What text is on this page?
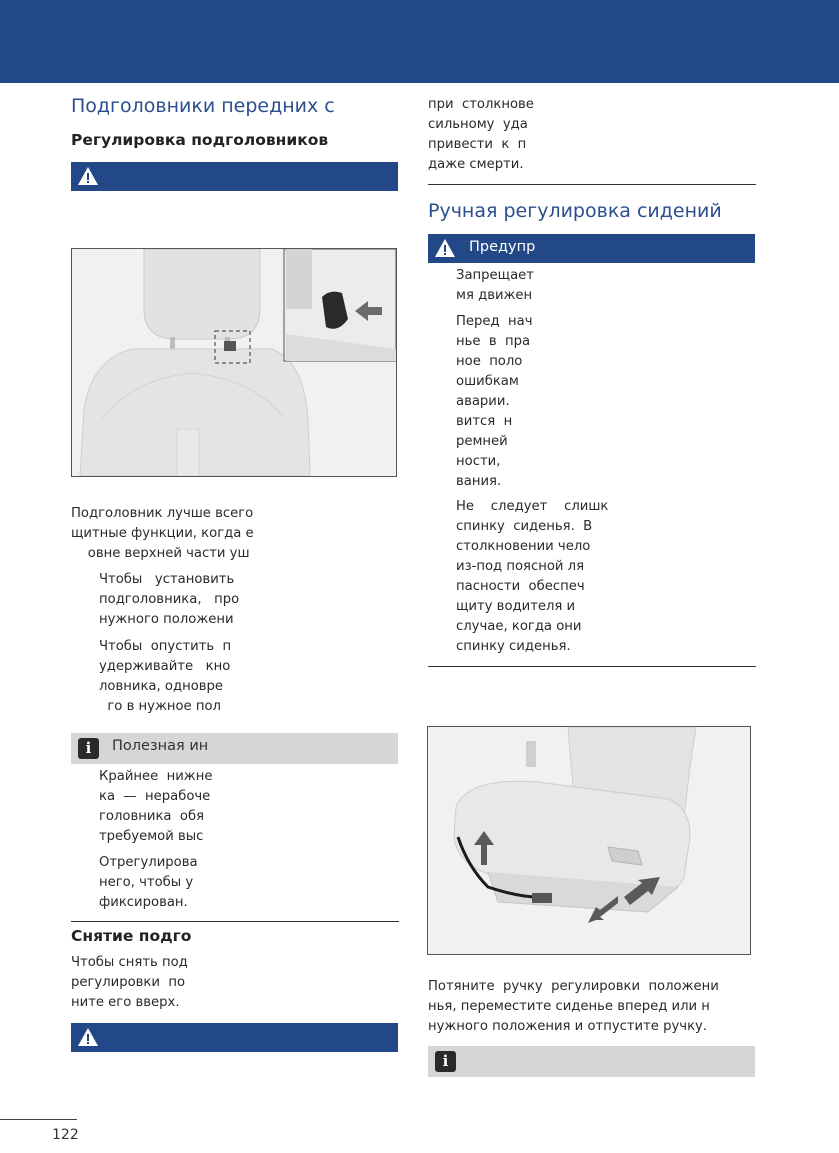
Подголовники передних с
Регулировка подголовников
Подголовник лучше всего
щитные функции, когда е
овне верхней части уш
Чтобы   установить
подголовника,   про
нужного положени
Чтобы  опустить  п
удерживайте   кно
ловника, одновре
го в нужное пол
i	Полезная ин
Крайнее  нижне
ка  —  нерабоче
головника  обя
требуемой выс
Отрегулирова
него, чтобы у
фиксирован.
Снятие подго
Чтобы снять под
регулировки  по
ните его вверх.
при  столкнове
сильному  уда
привести  к  п
даже смерти.
Ручная регулировка сидений
Предупр
Запрещает
мя движен
Перед  нач
нье  в  пра
ное  поло
ошибкам
аварии.
вится  н
ремней
ности,
вания.
Не    следует    слишк
спинку  сиденья.  В
столкновении чело
из-под поясной ля
пасности  обеспеч
щиту водителя и
случае, когда они
спинку сиденья.
Потяните  ручку  регулировки  положени
нья, переместите сиденье вперед или н
нужного положения и отпустите ручку.
i
122
